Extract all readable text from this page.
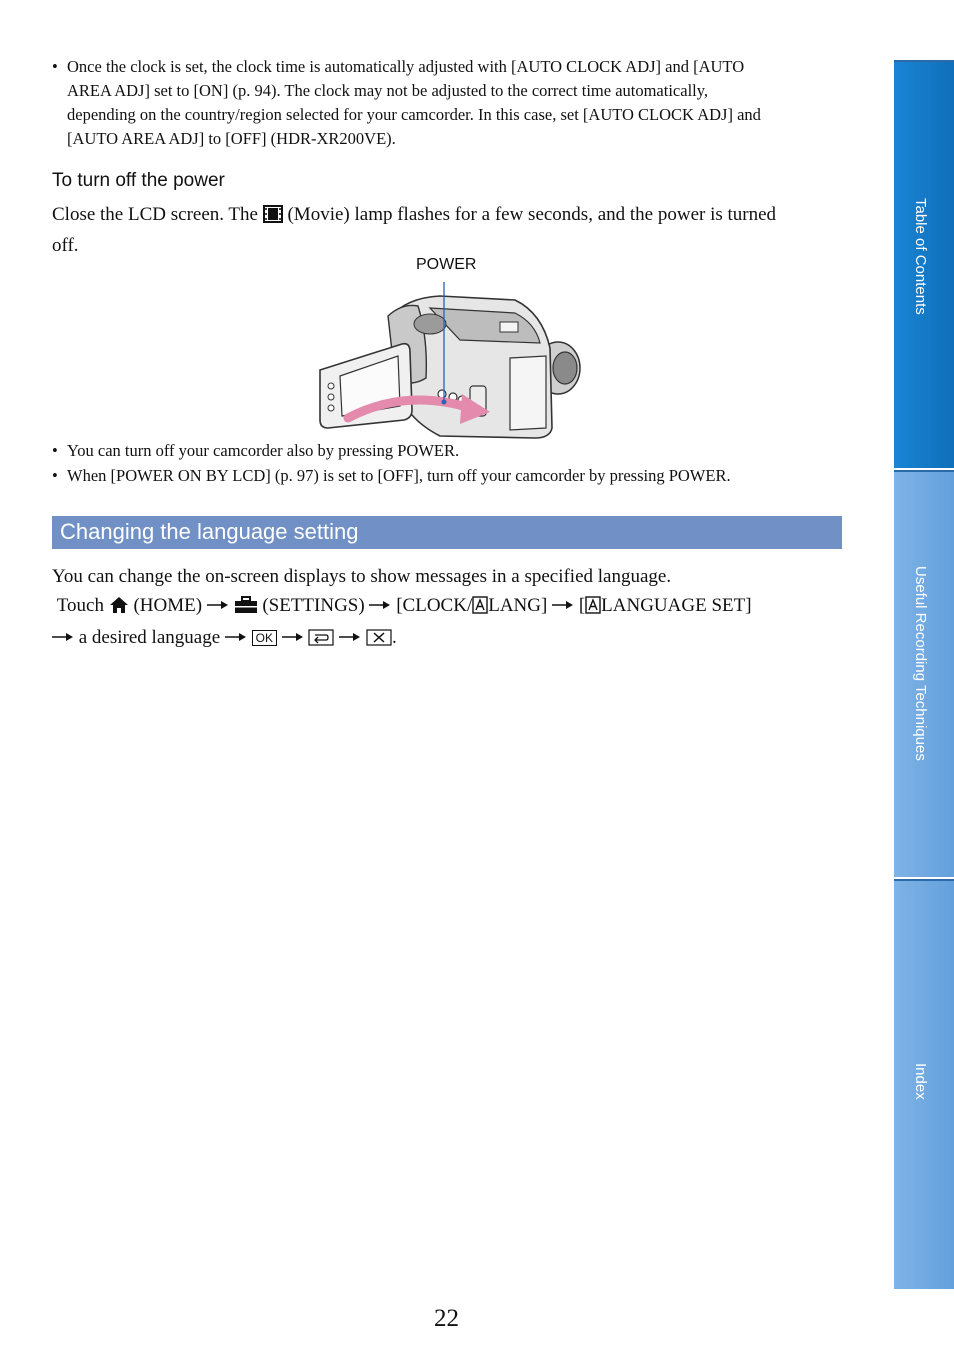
• Once the clock is set, the clock time is automatically adjusted with [AUTO CLOCK ADJ] and [AUTO
AREA ADJ] set to [ON] (p. 94). The clock may not be adjusted to the correct time automatically,
depending on the country/region selected for your camcorder. In this case, set [AUTO CLOCK ADJ] and
[AUTO AREA ADJ] to [OFF] (HDR-XR200VE).
To turn off the power
Close the LCD screen. The (Movie) lamp flashes for a few seconds, and the power is turned
off.
POWER
• You can turn off your camcorder also by pressing POWER.
• When [POWER ON BY LCD] (p. 97) is set to [OFF], turn off your camcorder by pressing POWER.
Changing the language setting
You can change the on-screen displays to show messages in a specified language.
Touch (HOME)	(SETTINGS) [CLOCK/ LANG] [ LANGUAGE SET]
a desired language	OK	.
Table of Contents
Useful Recording Techniques
Index
22
